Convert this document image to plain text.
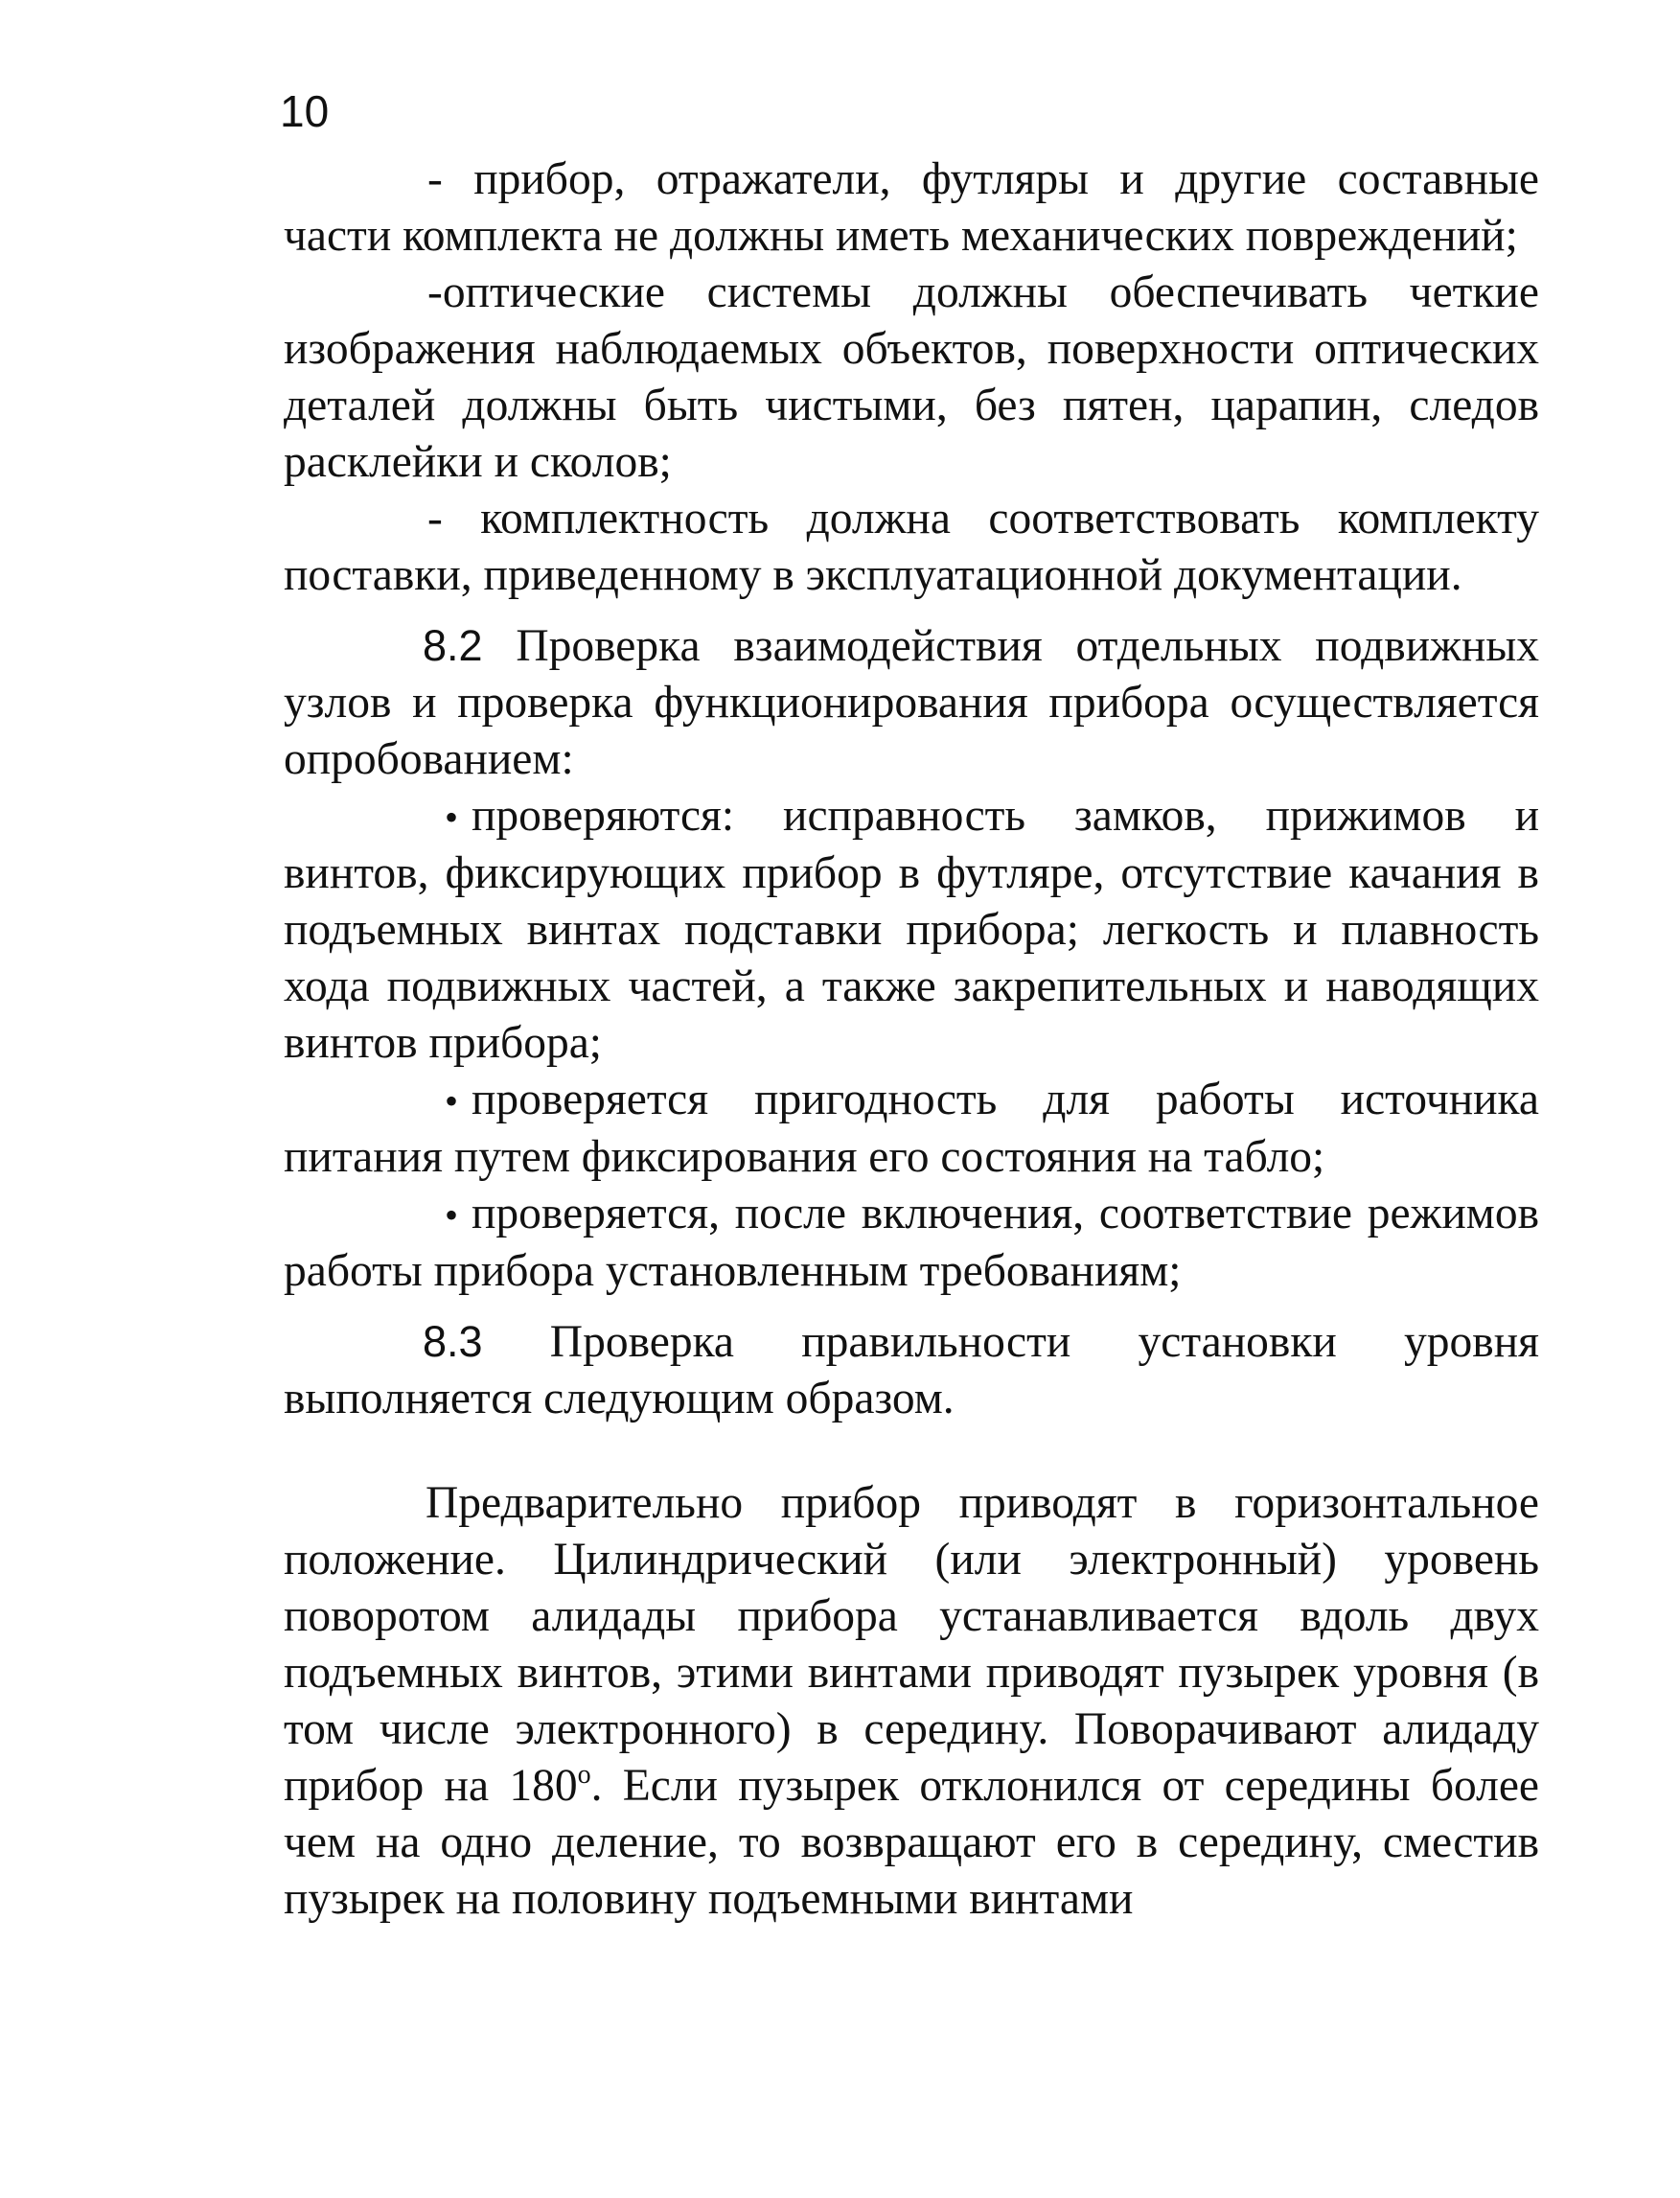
10

- прибор, отражатели, футляры и другие составные части комплекта не должны иметь механических повреждений;

-оптические системы должны обеспечивать четкие изображения наблюдаемых объектов, поверхности оптических деталей должны быть чистыми, без пятен, царапин, следов расклейки и сколов;

- комплектность должна соответствовать комплекту поставки, приведенному в эксплуатационной документации.

8.2 Проверка взаимодействия отдельных подвижных узлов и проверка функционирования прибора осуществляется опробованием:

• проверяются: исправность замков, прижимов и винтов, фиксирующих прибор в футляре, отсутствие качания в подъемных винтах подставки прибора; легкость и плавность хода подвижных частей, а также закрепительных и наводящих винтов прибора;

• проверяется пригодность для работы источника питания путем фиксирования его состояния на табло;

• проверяется, после включения, соответствие режимов работы прибора установленным требованиям;

8.3 Проверка правильности установки уровня выполняется следующим образом.

Предварительно прибор приводят в горизонтальное положение. Цилиндрический (или электронный) уровень поворотом алидады прибора устанавливается вдоль двух подъемных винтов, этими винтами приводят пузырек уровня (в том числе электронного) в середину. Поворачивают алидаду прибор на $180^о$. Если пузырек отклонился от середины более чем на одно деление, то возвращают его в середину, сместив пузырек на половину подъемными винтами
